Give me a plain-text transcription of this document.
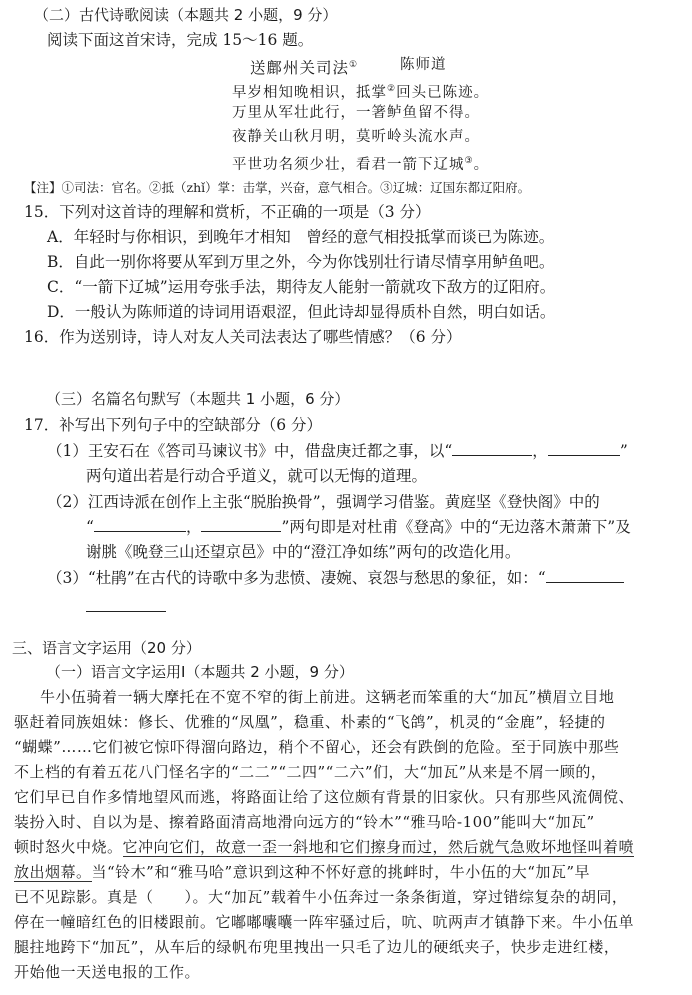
（二）古代诗歌阅读（本题共 2 小题，9 分）
阅读下面这首宋诗，完成 15～16 题。
送鄜州关司法①	陈师道
早岁相知晚相识，抵掌②回头已陈迹。
万里从军壮此行，一箸鲈鱼留不得。
夜静关山秋月明，莫听岭头流水声。
平世功名须少壮，看君一箭下辽城③。
【注】①司法：官名。②抵（zhǐ）掌：击掌，兴奋，意气相合。③辽城：辽国东都辽阳府。
15．下列对这首诗的理解和赏析，不正确的一项是（3 分）
A．年轻时与你相识，到晚年才相知　曾经的意气相投抵掌而谈已为陈迹。
B．自此一别你将要从军到万里之外，今为你饯别壮行请尽情享用鲈鱼吧。
C．“一箭下辽城”运用夸张手法，期待友人能射一箭就攻下敌方的辽阳府。
D．一般认为陈师道的诗词用语艰涩，但此诗却显得质朴自然，明白如话。
16．作为送别诗，诗人对友人关司法表达了哪些情感？（6 分）
（三）名篇名句默写（本题共 1 小题，6 分）
17．补写出下列句子中的空缺部分（6 分）
（1）王安石在《答司马谏议书》中，借盘庚迁都之事，以“	，	”
两句道出若是行动合乎道义，就可以无悔的道理。
（2）江西诗派在创作上主张“脱胎换骨”，强调学习借鉴。黄庭坚《登快阁》中的
“	，	”两句即是对杜甫《登高》中的“无边落木萧萧下”及
谢朓《晚登三山还望京邑》中的“澄江净如练”两句的改造化用。
（3）“杜鹃”在古代的诗歌中多为悲愤、凄婉、哀怨与愁思的象征，如：“
三、语言文字运用（20 分）
（一）语言文字运用Ⅰ（本题共 2 小题，9 分）
牛小伍骑着一辆大摩托在不宽不窄的街上前进。这辆老而笨重的大“加瓦”横眉立目地
驱赶着同族姐妹：修长、优雅的“凤凰”，稳重、朴素的“飞鸽”，机灵的“金鹿”，轻捷的
“蝴蝶”……它们被它惊吓得溜向路边，稍个不留心，还会有跌倒的危险。至于同族中那些
不上档的有着五花八门怪名字的“二二”“二四”“二六”们，大“加瓦”从来是不屑一顾的，
它们早已自作多情地望风而逃，将路面让给了这位颇有背景的旧家伙。只有那些风流倜傥、
装扮入时、自以为是、擦着路面清高地滑向远方的“铃木”“雅马哈-100”能叫大“加瓦”
顿时怒火中烧。它冲向它们，故意一歪一斜地和它们擦身而过，然后就气急败坏地怪叫着喷
放出烟幕。当“铃木”和“雅马哈”意识到这种不怀好意的挑衅时，牛小伍的大“加瓦”早
已不见踪影。真是（　　）。大“加瓦”载着牛小伍奔过一条条街道，穿过错综复杂的胡同，
停在一幢暗红色的旧楼跟前。它嘟嘟囔囔一阵牢骚过后，吭、吭两声才镇静下来。牛小伍单
腿拄地跨下“加瓦”，从车后的绿帆布兜里拽出一只毛了边儿的硬纸夹子，快步走进红楼，
开始他一天送电报的工作。
